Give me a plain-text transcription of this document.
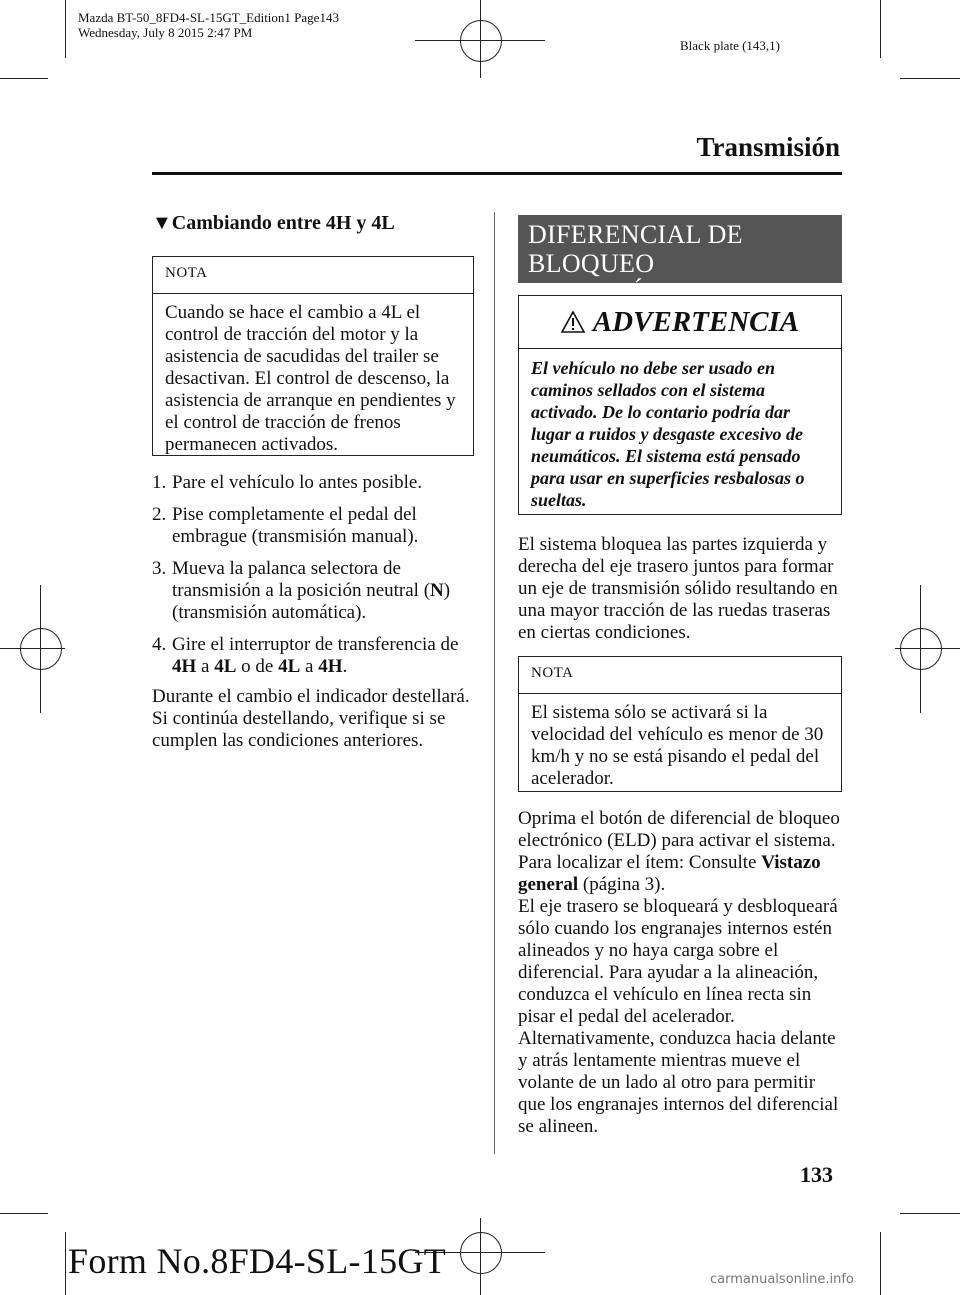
Mazda BT-50_8FD4-SL-15GT_Edition1 Page143
Wednesday, July 8 2015 2:47 PM
Black plate (143,1)
Transmisión
▼Cambiando entre 4H y 4L
NOTA
Cuando se hace el cambio a 4L el control de tracción del motor y la asistencia de sacudidas del trailer se desactivan. El control de descenso, la asistencia de arranque en pendientes y el control de tracción de frenos permanecen activados.
1. Pare el vehículo lo antes posible.
2. Pise completamente el pedal del embrague (transmisión manual).
3. Mueva la palanca selectora de transmisión a la posición neutral (N) (transmisión automática).
4. Gire el interruptor de transferencia de 4H a 4L o de 4L a 4H.
Durante el cambio el indicador destellará. Si continúa destellando, verifique si se cumplen las condiciones anteriores.
DIFERENCIAL DE
BLOQUEO ELECTRÓNICO
ADVERTENCIA
El vehículo no debe ser usado en caminos sellados con el sistema activado. De lo contario podría dar lugar a ruidos y desgaste excesivo de neumáticos. El sistema está pensado para usar en superficies resbalosas o sueltas.
El sistema bloquea las partes izquierda y derecha del eje trasero juntos para formar un eje de transmisión sólido resultando en una mayor tracción de las ruedas traseras en ciertas condiciones.
NOTA
El sistema sólo se activará si la velocidad del vehículo es menor de 30 km/h y no se está pisando el pedal del acelerador.

Oprima el botón de diferencial de bloqueo electrónico (ELD) para activar el sistema. Para localizar el ítem: Consulte Vistazo general (página 3).

El eje trasero se bloqueará y desbloqueará sólo cuando los engranajes internos estén alineados y no haya carga sobre el diferencial. Para ayudar a la alineación, conduzca el vehículo en línea recta sin pisar el pedal del acelerador.

Alternativamente, conduzca hacia delante y atrás lentamente mientras mueve el volante de un lado al otro para permitir que los engranajes internos del diferencial se alineen.

133
Form No.8FD4-SL-15GT	carmanualsonline.info
